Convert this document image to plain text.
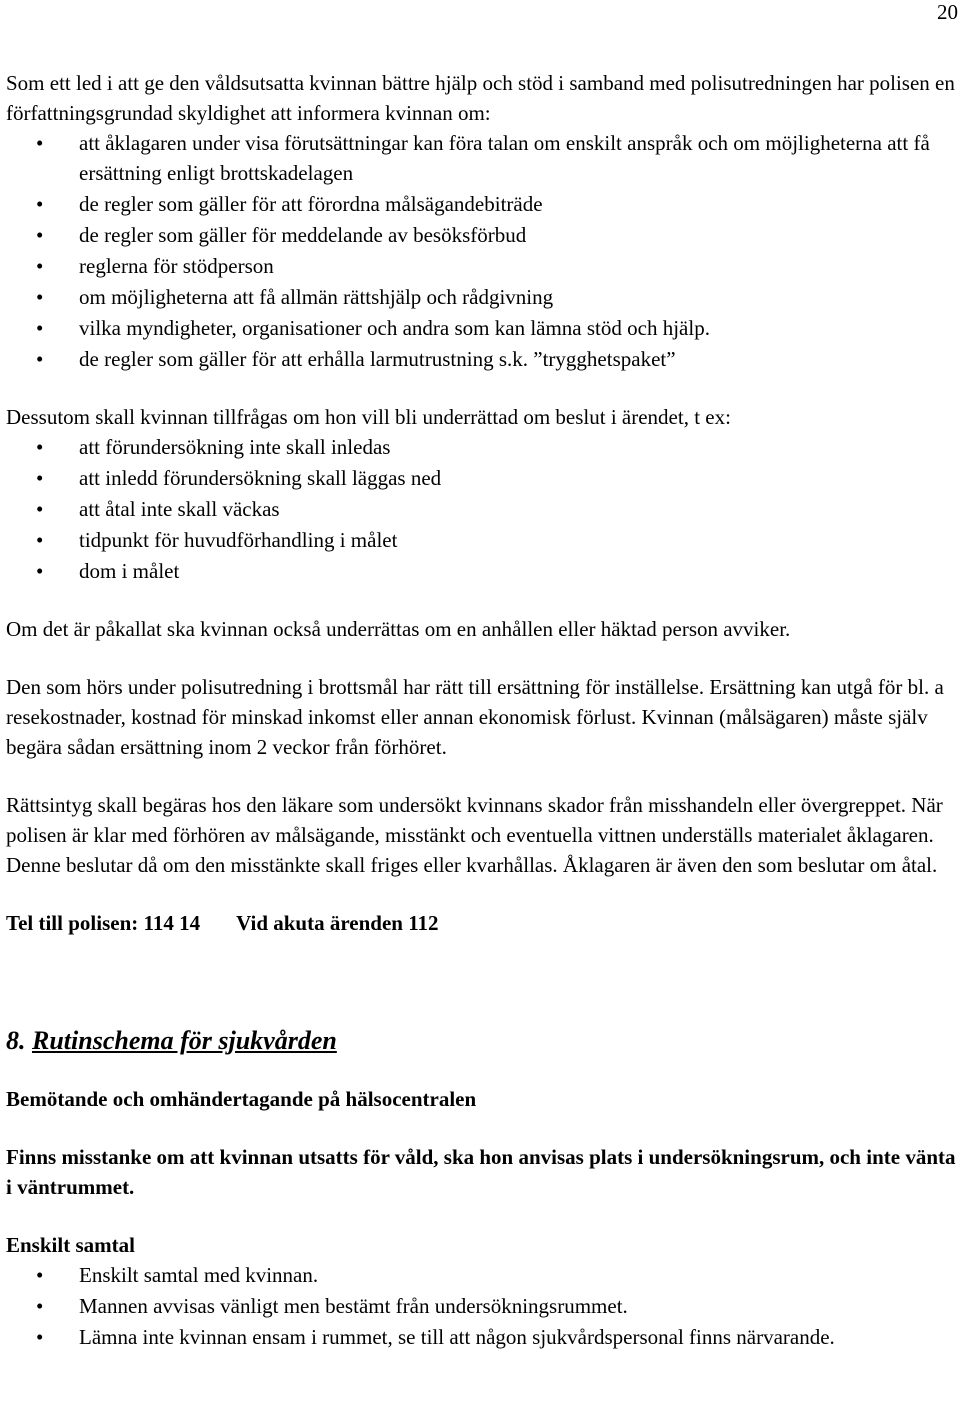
20

Som ett led i att ge den våldsutsatta kvinnan bättre hjälp och stöd i samband med polisutredningen har polisen en författningsgrundad skyldighet att informera kvinnan om:

• att åklagaren under visa förutsättningar kan föra talan om enskilt anspråk och om möjligheterna att få ersättning enligt brottskadelagen
• de regler som gäller för att förordna målsägandebiträde
• de regler som gäller för meddelande av besöksförbud
• reglerna för stödperson
• om möjligheterna att få allmän rättshjälp och rådgivning
• vilka myndigheter, organisationer och andra som kan lämna stöd och hjälp.
• de regler som gäller för att erhålla larmutrustning s.k. ”trygghetspaket”

Dessutom skall kvinnan tillfrågas om hon vill bli underrättad om beslut i ärendet, t ex:

• att förundersökning inte skall inledas
• att inledd förundersökning skall läggas ned
• att åtal inte skall väckas
• tidpunkt för huvudförhandling i målet
• dom i målet

Om det är påkallat ska kvinnan också underrättas om en anhållen eller häktad person avviker.

Den som hörs under polisutredning i brottsmål har rätt till ersättning för inställelse. Ersättning kan utgå för bl. a resekostnader, kostnad för minskad inkomst eller annan ekonomisk förlust. Kvinnan (målsägaren) måste själv begära sådan ersättning inom 2 veckor från förhöret.

Rättsintyg skall begäras hos den läkare som undersökt kvinnans skador från misshandeln eller övergreppet. När polisen är klar med förhören av målsägande, misstänkt och eventuella vittnen underställs materialet åklagaren. Denne beslutar då om den misstänkte skall friges eller kvarhållas. Åklagaren är även den som beslutar om åtal.

Tel till polisen: 114 14 Vid akuta ärenden 112

8. Rutinschema för sjukvården

Bemötande och omhändertagande på hälsocentralen

Finns misstanke om att kvinnan utsatts för våld, ska hon anvisas plats i undersökningsrum, och inte vänta i väntrummet.

Enskilt samtal

• Enskilt samtal med kvinnan.
• Mannen avvisas vänligt men bestämt från undersökningsrummet.
• Lämna inte kvinnan ensam i rummet, se till att någon sjukvårdspersonal finns närvarande.
